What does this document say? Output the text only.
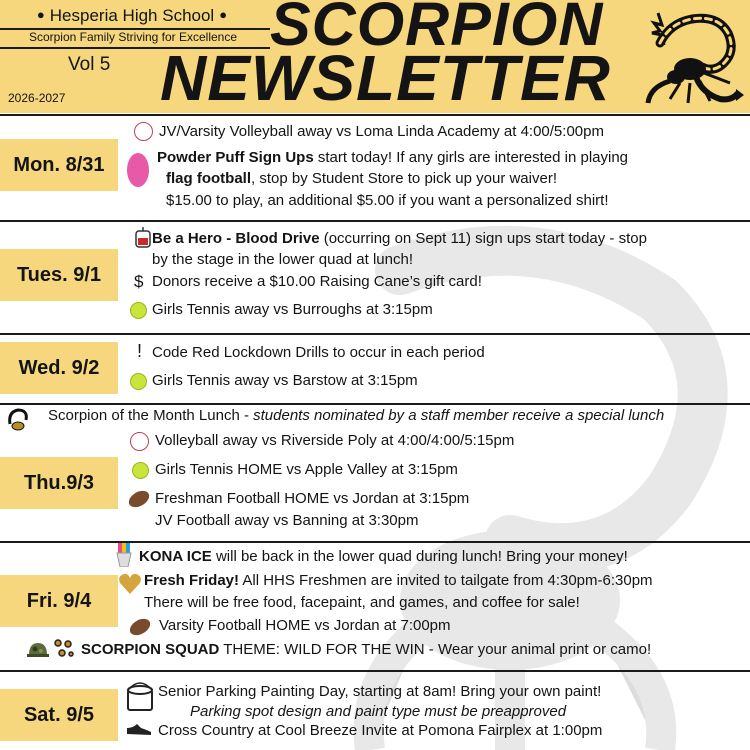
● Hesperia High School ●
Scorpion Family Striving for Excellence
Vol 5
2026-2027
SCORPION
NEWSLETTER
Mon. 8/31
JV/Varsity Volleyball away vs Loma Linda Academy at 4:00/5:00pm
Powder Puff Sign Ups start today! If any girls are interested in playing
flag football, stop by Student Store to pick up your waiver!
$15.00 to play, an additional $5.00 if you want a personalized shirt!
Tues. 9/1
Be a Hero - Blood Drive (occurring on Sept 11) sign ups start today - stop
by the stage in the lower quad at lunch!
$ Donors receive a $10.00 Raising Cane’s gift card!
Girls Tennis away vs Burroughs at 3:15pm
Wed. 9/2
! Code Red Lockdown Drills to occur in each period
Girls Tennis away vs Barstow at 3:15pm
Scorpion of the Month Lunch - students nominated by a staff member receive a special lunch
Thu.9/3
Volleyball away vs Riverside Poly at 4:00/4:00/5:15pm
Girls Tennis HOME vs Apple Valley at 3:15pm
Freshman Football HOME vs Jordan at 3:15pm
JV Football away vs Banning at 3:30pm
Fri. 9/4
KONA ICE will be back in the lower quad during lunch! Bring your money!
Fresh Friday! All HHS Freshmen are invited to tailgate from 4:30pm-6:30pm
There will be free food, facepaint, and games, and coffee for sale!
Varsity Football HOME vs Jordan at 7:00pm
SCORPION SQUAD THEME: WILD FOR THE WIN - Wear your animal print or camo!
Sat. 9/5
Senior Parking Painting Day, starting at 8am! Bring your own paint!
Parking spot design and paint type must be preapproved
Cross Country at Cool Breeze Invite at Pomona Fairplex at 1:00pm
